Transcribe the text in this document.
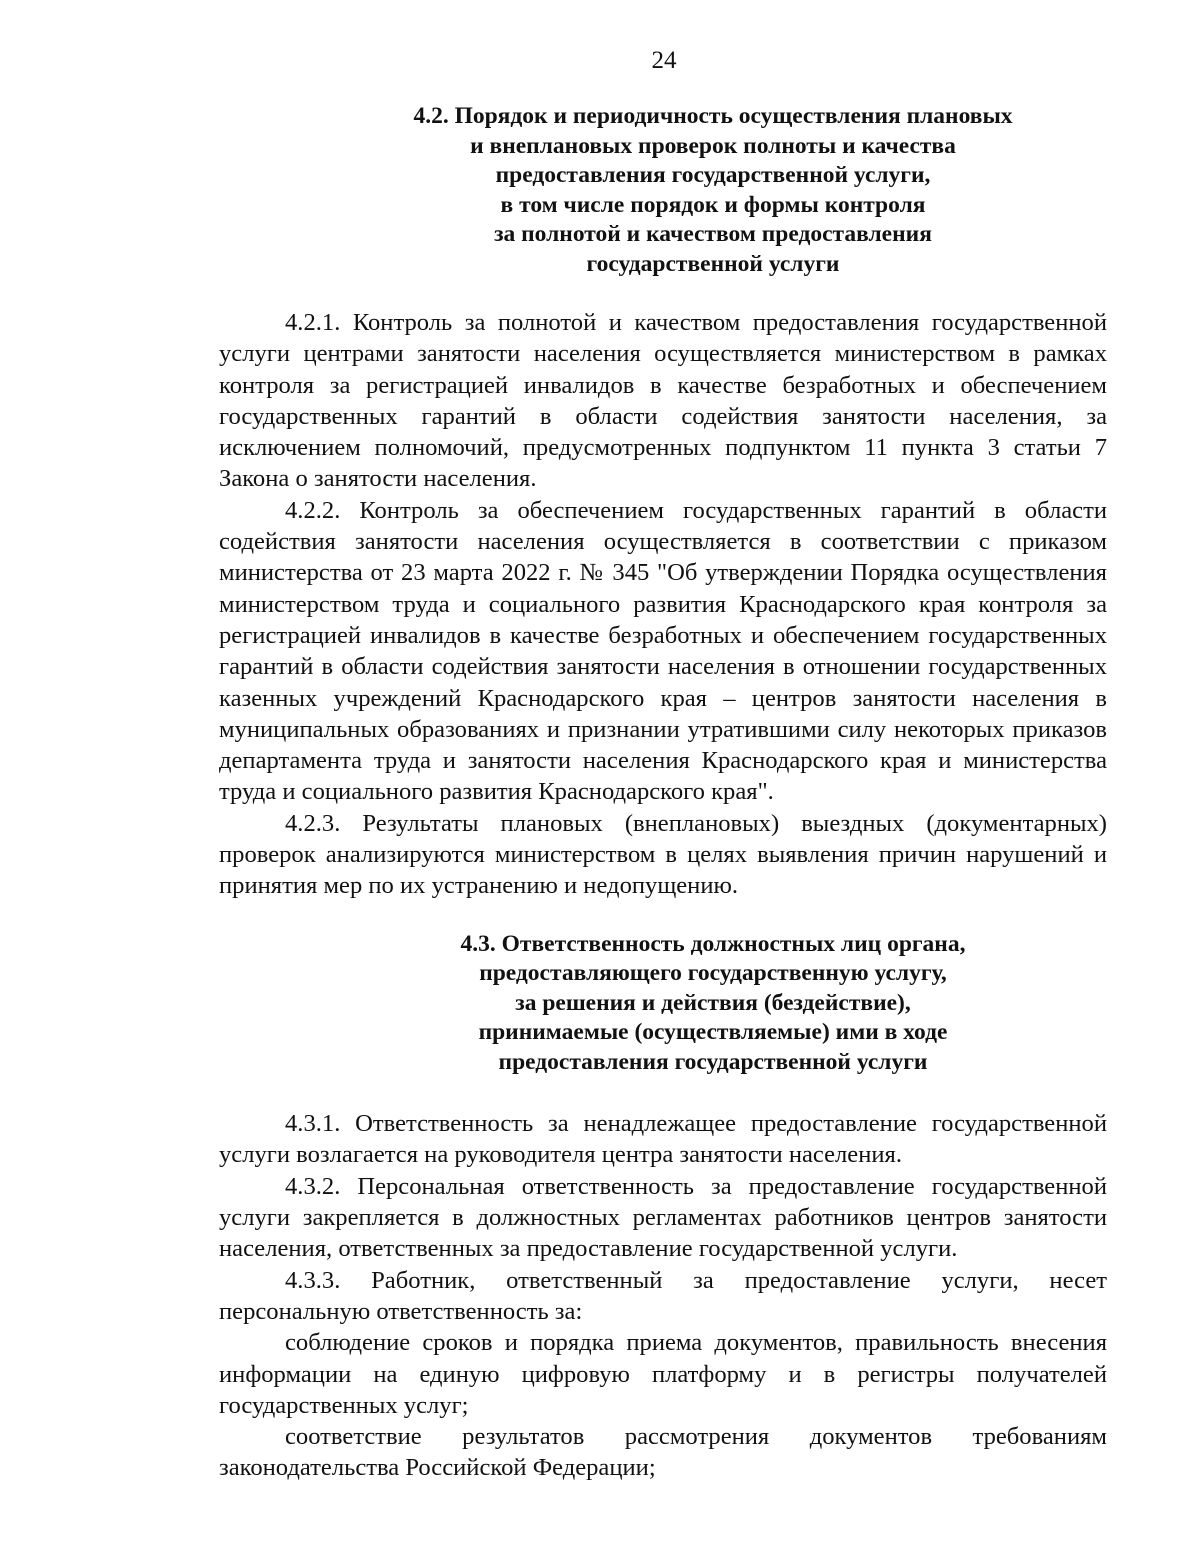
24
4.2. Порядок и периодичность осуществления плановых
и внеплановых проверок полноты и качества
предоставления государственной услуги,
в том числе порядок и формы контроля
за полнотой и качеством предоставления
государственной услуги

4.2.1. Контроль за полнотой и качеством предоставления государственной услуги центрами занятости населения осуществляется министерством в рамках контроля за регистрацией инвалидов в качестве безработных и обеспечением государственных гарантий в области содействия занятости населения, за исключением полномочий, предусмотренных подпунктом 11 пункта 3 статьи 7 Закона о занятости населения.

4.2.2. Контроль за обеспечением государственных гарантий в области содействия занятости населения осуществляется в соответствии с приказом министерства от 23 марта 2022 г. № 345 "Об утверждении Порядка осуществления министерством труда и социального развития Краснодарского края контроля за регистрацией инвалидов в качестве безработных и обеспечением государственных гарантий в области содействия занятости населения в отношении государственных казенных учреждений Краснодарского края – центров занятости населения в муниципальных образованиях и признании утратившими силу некоторых приказов департамента труда и занятости населения Краснодарского края и министерства труда и социального развития Краснодарского края".

4.2.3. Результаты плановых (внеплановых) выездных (документарных) проверок анализируются министерством в целях выявления причин нарушений и принятия мер по их устранению и недопущению.

4.3. Ответственность должностных лиц органа,
предоставляющего государственную услугу,
за решения и действия (бездействие),
принимаемые (осуществляемые) ими в ходе
предоставления государственной услуги

4.3.1. Ответственность за ненадлежащее предоставление государственной услуги возлагается на руководителя центра занятости населения.

4.3.2. Персональная ответственность за предоставление государственной услуги закрепляется в должностных регламентах работников центров занятости населения, ответственных за предоставление государственной услуги.

4.3.3. Работник, ответственный за предоставление услуги, несет персональную ответственность за:

соблюдение сроков и порядка приема документов, правильность внесения информации на единую цифровую платформу и в регистры получателей государственных услуг;

соответствие результатов рассмотрения документов требованиям законодательства Российской Федерации;
